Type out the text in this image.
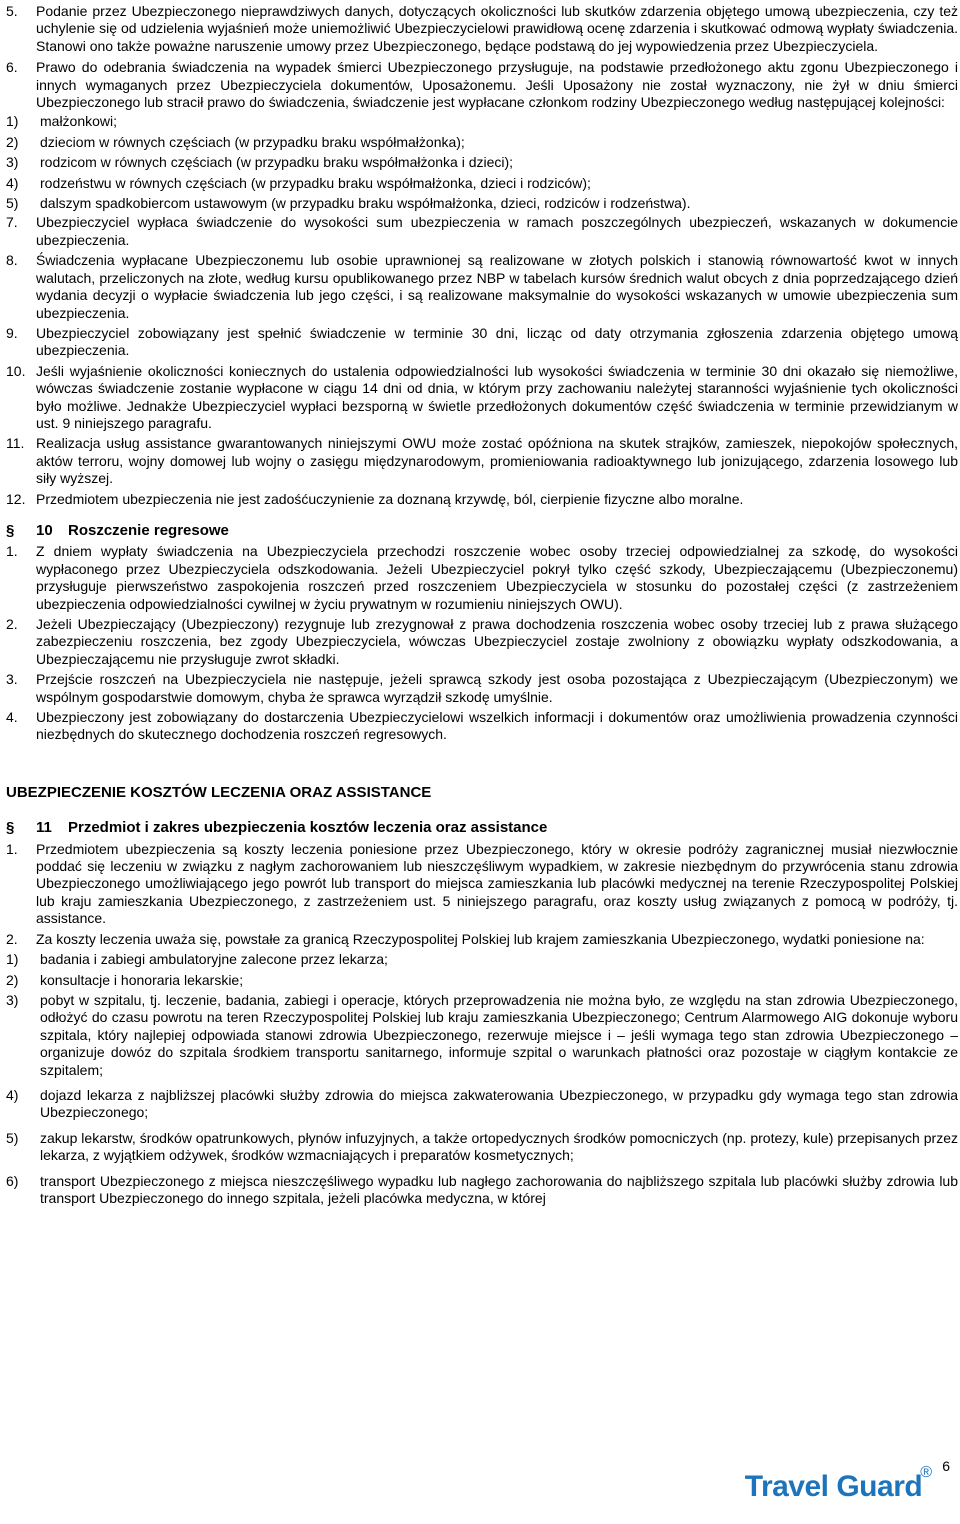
5.	Podanie przez Ubezpieczonego nieprawdziwych danych, dotyczących okoliczności lub skutków zdarzenia objętego umową ubezpieczenia, czy też uchylenie się od udzielenia wyjaśnień może uniemożliwić Ubezpieczycielowi prawidłową ocenę zdarzenia i skutkować odmową wypłaty świadczenia. Stanowi ono także poważne naruszenie umowy przez Ubezpieczonego, będące podstawą do jej wypowiedzenia przez Ubezpieczyciela.
6.	Prawo do odebrania świadczenia na wypadek śmierci Ubezpieczonego przysługuje, na podstawie przedłożonego aktu zgonu Ubezpieczonego i innych wymaganych przez Ubezpieczyciela dokumentów, Uposażonemu. Jeśli Uposażony nie został wyznaczony, nie żył w dniu śmierci Ubezpieczonego lub stracił prawo do świadczenia, świadczenie jest wypłacane członkom rodziny Ubezpieczonego według następującej kolejności:
1)	małżonkowi;
2)	dzieciom w równych częściach (w przypadku braku współmałżonka);
3)	rodzicom w równych częściach (w przypadku braku współmałżonka i dzieci);
4)	rodzeństwu w równych częściach (w przypadku braku współmałżonka, dzieci i rodziców);
5)	dalszym spadkobiercom ustawowym (w przypadku braku współmałżonka, dzieci, rodziców i rodzeństwa).
7.	Ubezpieczyciel wypłaca świadczenie do wysokości sum ubezpieczenia w ramach poszczególnych ubezpieczeń, wskazanych w dokumencie ubezpieczenia.
8.	Świadczenia wypłacane Ubezpieczonemu lub osobie uprawnionej są realizowane w złotych polskich i stanowią równowartość kwot w innych walutach, przeliczonych na złote, według kursu opublikowanego przez NBP w tabelach kursów średnich walut obcych z dnia poprzedzającego dzień wydania decyzji o wypłacie świadczenia lub jego części, i są realizowane maksymalnie do wysokości wskazanych w umowie ubezpieczenia sum ubezpieczenia.
9.	Ubezpieczyciel zobowiązany jest spełnić świadczenie w terminie 30 dni, licząc od daty otrzymania zgłoszenia zdarzenia objętego umową ubezpieczenia.
10. Jeśli wyjaśnienie okoliczności koniecznych do ustalenia odpowiedzialności lub wysokości świadczenia w terminie 30 dni okazało się niemożliwe, wówczas świadczenie zostanie wypłacone w ciągu 14 dni od dnia, w którym przy zachowaniu należytej staranności wyjaśnienie tych okoliczności było możliwe. Jednakże Ubezpieczyciel wypłaci bezsporną w świetle przedłożonych dokumentów część świadczenia w terminie przewidzianym w ust. 9 niniejszego paragrafu.
11. Realizacja usług assistance gwarantowanych niniejszymi OWU może zostać opóźniona na skutek strajków, zamieszek, niepokojów społecznych, aktów terroru, wojny domowej lub wojny o zasięgu międzynarodowym, promieniowania radioaktywnego lub jonizującego, zdarzenia losowego lub siły wyższej.
12. Przedmiotem ubezpieczenia nie jest zadośćuczynienie za doznaną krzywdę, ból, cierpienie fizyczne albo moralne.
§	10	Roszczenie regresowe
1.	Z dniem wypłaty świadczenia na Ubezpieczyciela przechodzi roszczenie wobec osoby trzeciej odpowiedzialnej za szkodę, do wysokości wypłaconego przez Ubezpieczyciela odszkodowania. Jeżeli Ubezpieczyciel pokrył tylko część szkody, Ubezpieczającemu (Ubezpieczonemu) przysługuje pierwszeństwo zaspokojenia roszczeń przed roszczeniem Ubezpieczyciela w stosunku do pozostałej części (z zastrzeżeniem ubezpieczenia odpowiedzialności cywilnej w życiu prywatnym w rozumieniu niniejszych OWU).
2.	Jeżeli Ubezpieczający (Ubezpieczony) rezygnuje lub zrezygnował z prawa dochodzenia roszczenia wobec osoby trzeciej lub z prawa służącego zabezpieczeniu roszczenia, bez zgody Ubezpieczyciela, wówczas Ubezpieczyciel zostaje zwolniony z obowiązku wypłaty odszkodowania, a Ubezpieczającemu nie przysługuje zwrot składki.
3.	Przejście roszczeń na Ubezpieczyciela nie następuje, jeżeli sprawcą szkody jest osoba pozostająca z Ubezpieczającym (Ubezpieczonym) we wspólnym gospodarstwie domowym, chyba że sprawca wyrządził szkodę umyślnie.
4.	Ubezpieczony jest zobowiązany do dostarczenia Ubezpieczycielowi wszelkich informacji i dokumentów oraz umożliwienia prowadzenia czynności niezbędnych do skutecznego dochodzenia roszczeń regresowych.
UBEZPIECZENIE KOSZTÓW LECZENIA ORAZ ASSISTANCE
§	11	Przedmiot i zakres ubezpieczenia kosztów leczenia oraz assistance
1.	Przedmiotem ubezpieczenia są koszty leczenia poniesione przez Ubezpieczonego, który w okresie podróży zagranicznej musiał niezwłocznie poddać się leczeniu w związku z nagłym zachorowaniem lub nieszczęśliwym wypadkiem, w zakresie niezbędnym do przywrócenia stanu zdrowia Ubezpieczonego umożliwiającego jego powrót lub transport do miejsca zamieszkania lub placówki medycznej na terenie Rzeczypospolitej Polskiej lub kraju zamieszkania Ubezpieczonego, z zastrzeżeniem ust. 5 niniejszego paragrafu, oraz koszty usług związanych z pomocą w podróży, tj. assistance.
2.	Za koszty leczenia uważa się, powstałe za granicą Rzeczypospolitej Polskiej lub krajem zamieszkania Ubezpieczonego, wydatki poniesione na:
1)	badania i zabiegi ambulatoryjne zalecone przez lekarza;
2)	konsultacje i honoraria lekarskie;
3)	pobyt w szpitalu, tj. leczenie, badania, zabiegi i operacje, których przeprowadzenia nie można było, ze względu na stan zdrowia Ubezpieczonego, odłożyć do czasu powrotu na teren Rzeczypospolitej Polskiej lub kraju zamieszkania Ubezpieczonego; Centrum Alarmowego AIG dokonuje wyboru szpitala, który najlepiej odpowiada stanowi zdrowia Ubezpieczonego, rezerwuje miejsce i – jeśli wymaga tego stan zdrowia Ubezpieczonego – organizuje dowóz do szpitala środkiem transportu sanitarnego, informuje szpital o warunkach płatności oraz pozostaje w ciągłym kontakcie ze szpitalem;
4)	dojazd lekarza z najbliższej placówki służby zdrowia do miejsca zakwaterowania Ubezpieczonego, w przypadku gdy wymaga tego stan zdrowia Ubezpieczonego;
5)	zakup lekarstw, środków opatrunkowych, płynów infuzyjnych, a także ortopedycznych środków pomocniczych (np. protezy, kule) przepisanych przez lekarza, z wyjątkiem odżywek, środków wzmacniających i preparatów kosmetycznych;
6)	transport Ubezpieczonego z miejsca nieszczęśliwego wypadku lub nagłego zachorowania do najbliższego szpitala lub placówki służby zdrowia lub transport Ubezpieczonego do innego szpitala, jeżeli placówka medyczna, w której
6
Travel Guard
®
